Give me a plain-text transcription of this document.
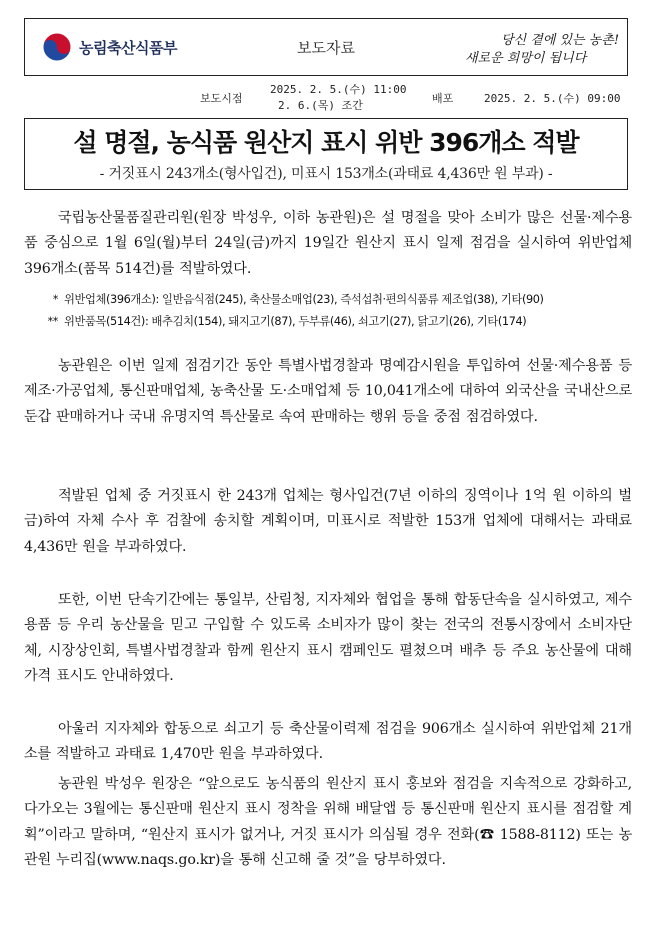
농림축산식품부	보도자료	당신 곁에 있는 농촌!
새로운 희망이 됩니다
보도시점
2025. 2. 5.(수) 11:00
2. 6.(목) 조간
배포	2025. 2. 5.(수) 09:00
설 명절, 농식품 원산지 표시 위반 396개소 적발
- 거짓표시 243개소(형사입건), 미표시 153개소(과태료 4,436만 원 부과) -
국립농산물품질관리원(원장 박성우, 이하 농관원)은 설 명절을 맞아 소비가 많은 선물·제수용품 중심으로 1월 6일(월)부터 24일(금)까지 19일간 원산지 표시 일제 점검을 실시하여 위반업체 396개소(품목 514건)를 적발하였다.
* 위반업체(396개소): 일반음식점(245), 축산물소매업(23), 즉석섭취·편의식품류 제조업(38), 기타(90)
** 위반품목(514건): 배추김치(154), 돼지고기(87), 두부류(46), 쇠고기(27), 닭고기(26), 기타(174)
농관원은 이번 일제 점검기간 동안 특별사법경찰과 명예감시원을 투입하여 선물·제수용품 등 제조·가공업체, 통신판매업체, 농축산물 도·소매업체 등 10,041개소에 대하여 외국산을 국내산으로 둔갑 판매하거나 국내 유명지역 특산물로 속여 판매하는 행위 등을 중점 점검하였다.
적발된 업체 중 거짓표시 한 243개 업체는 형사입건(7년 이하의 징역이나 1억 원 이하의 벌금)하여 자체 수사 후 검찰에 송치할 계획이며, 미표시로 적발한 153개 업체에 대해서는 과태료 4,436만 원을 부과하였다.
또한, 이번 단속기간에는 통일부, 산림청, 지자체와 협업을 통해 합동단속을 실시하였고, 제수용품 등 우리 농산물을 믿고 구입할 수 있도록 소비자가 많이 찾는 전국의 전통시장에서 소비자단체, 시장상인회, 특별사법경찰과 함께 원산지 표시 캠페인도 펼쳤으며 배추 등 주요 농산물에 대해 가격 표시도 안내하였다.
아울러 지자체와 합동으로 쇠고기 등 축산물이력제 점검을 906개소 실시하여 위반업체 21개소를 적발하고 과태료 1,470만 원을 부과하였다.
농관원 박성우 원장은 “앞으로도 농식품의 원산지 표시 홍보와 점검을 지속적으로 강화하고, 다가오는 3월에는 통신판매 원산지 표시 정착을 위해 배달앱 등 통신판매 원산지 표시를 점검할 계획”이라고 말하며, “원산지 표시가 없거나, 거짓 표시가 의심될 경우 전화(☎ 1588-8112) 또는 농관원 누리집(www.naqs.go.kr)을 통해 신고해 줄 것”을 당부하였다.
